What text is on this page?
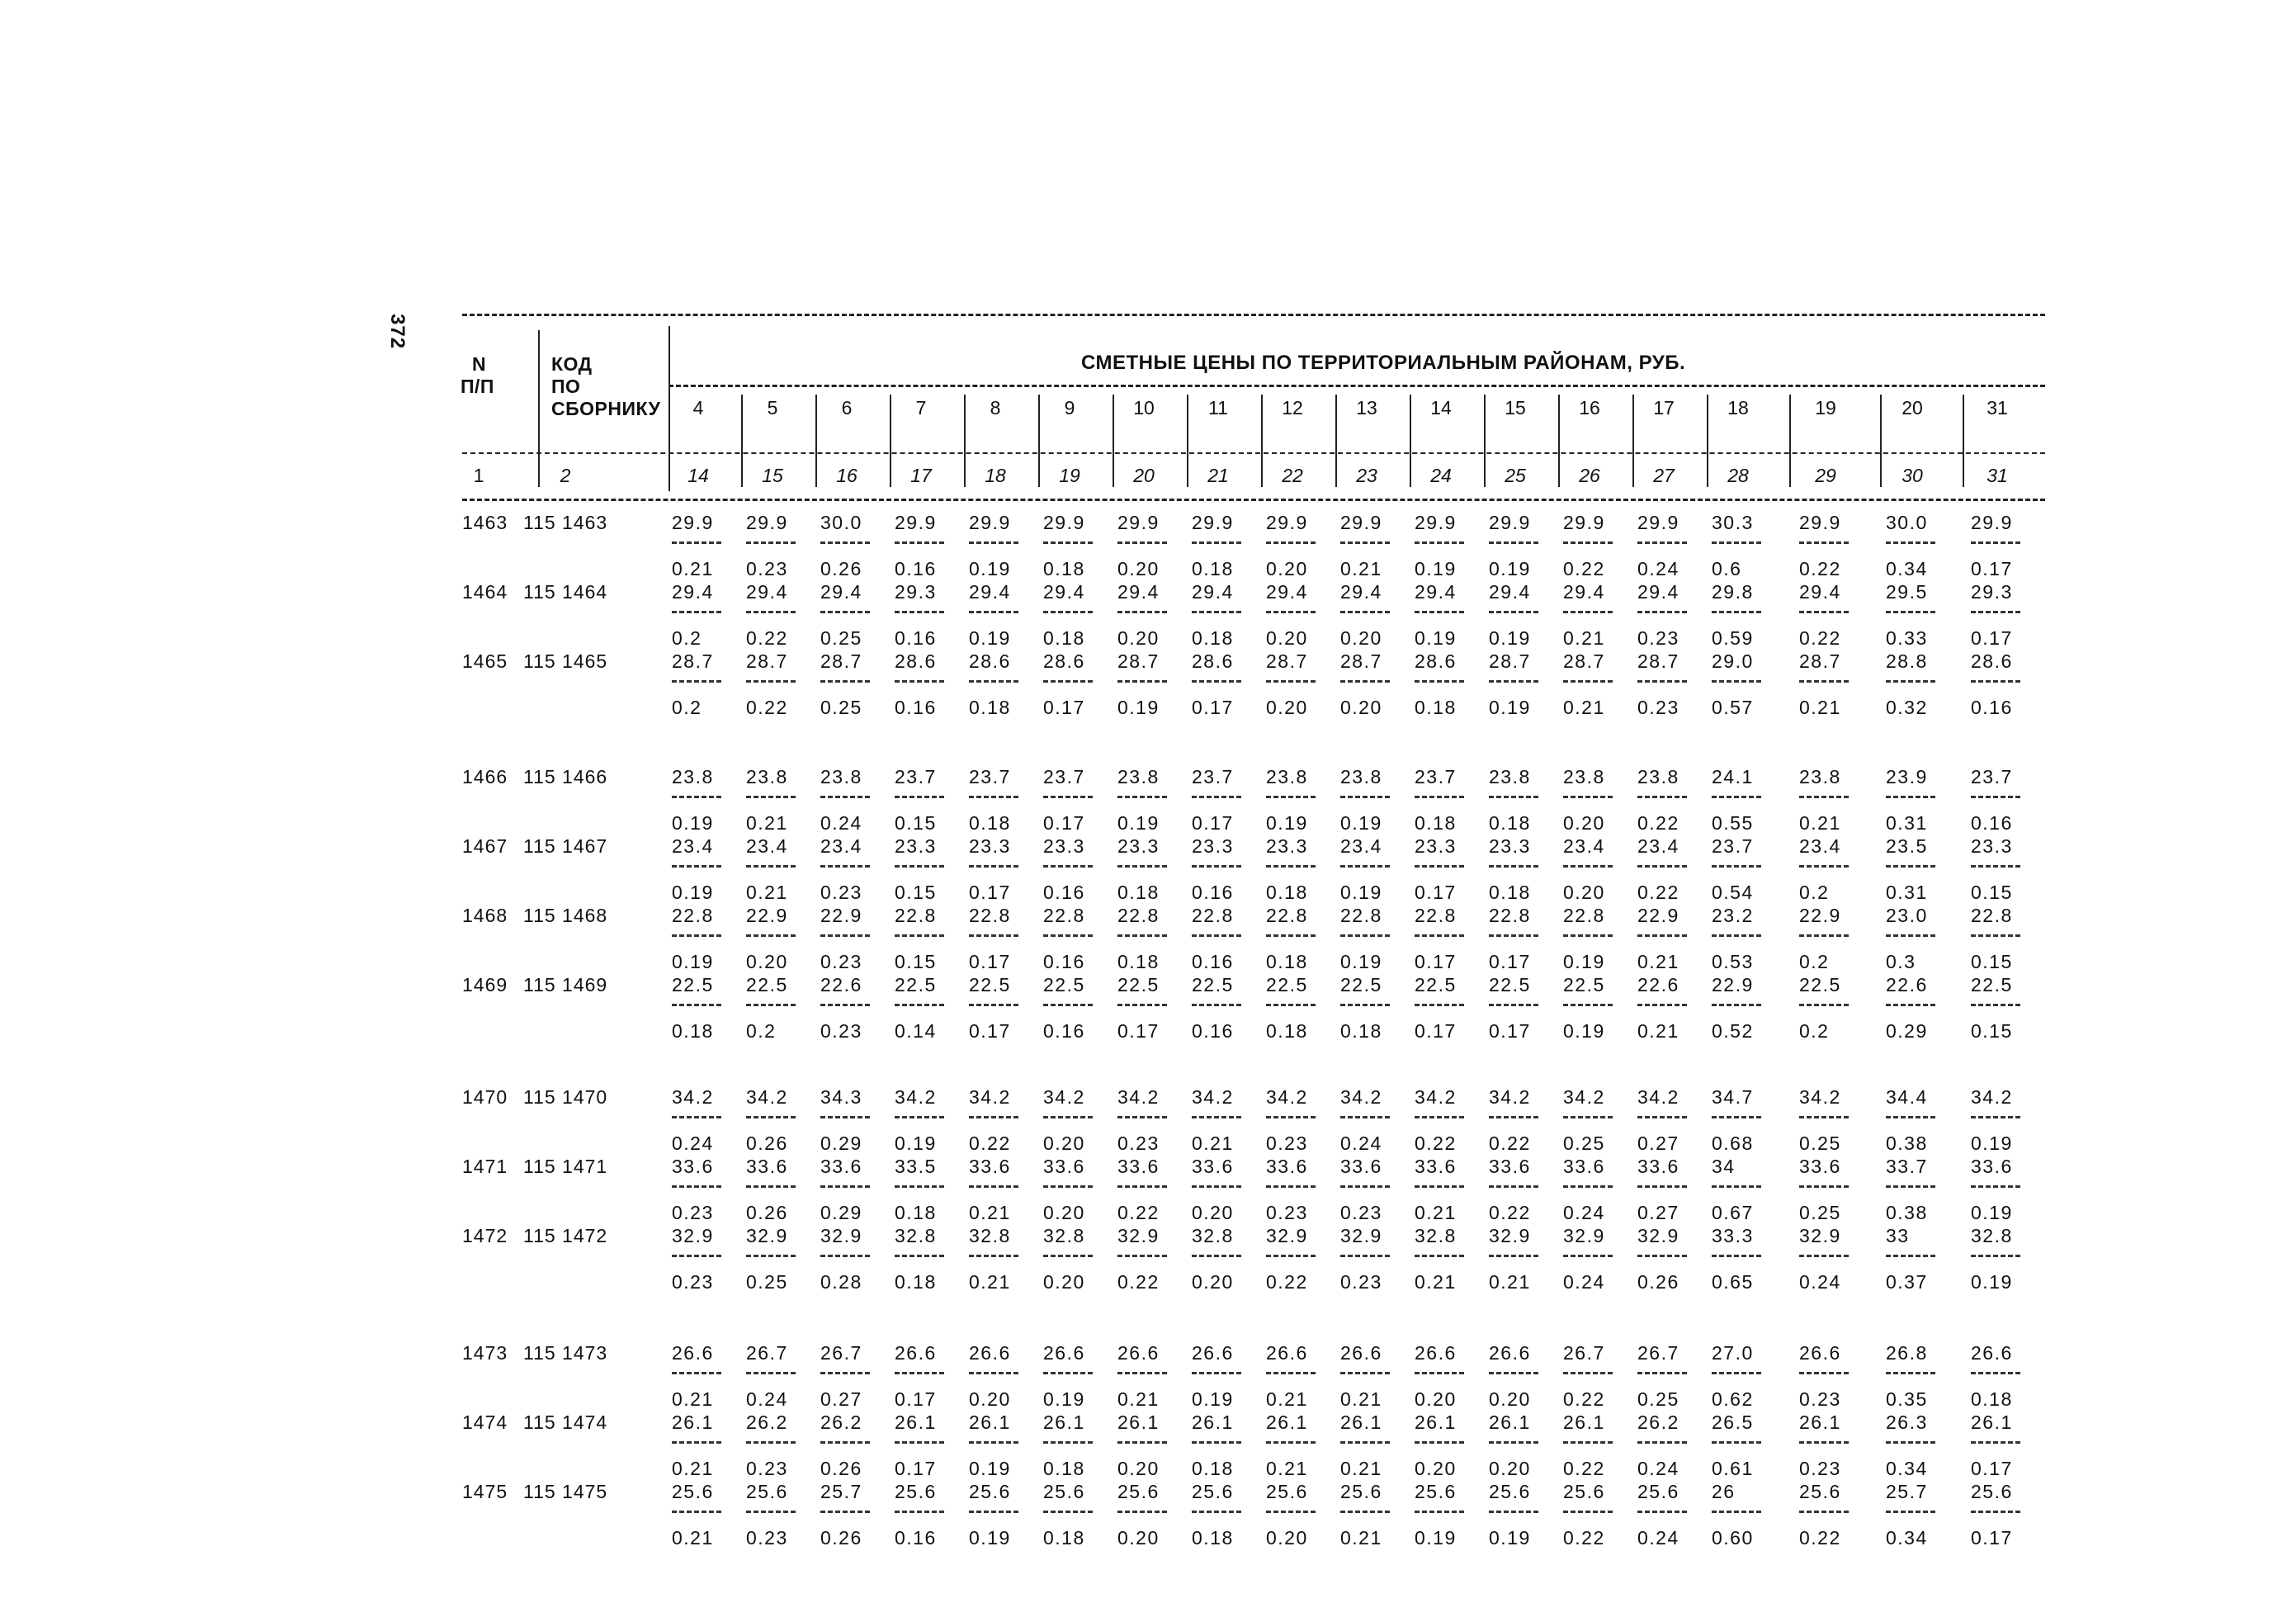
372
N
П/П
КОД
ПО
СБОРНИКУ
СМЕТНЫЕ ЦЕНЫ ПО ТЕРРИТОРИАЛЬНЫМ РАЙОНАМ, РУБ.
4	5	6	7	8	9	10	11	12	13	14	15	16	17	18	19	20	31
1	2	14	15	16	17	18	19	20	21	22	23	24	25	26	27	28	29	30	31
1463 115 1463	29.9 29.9 30.0 29.9 29.9 29.9 29.9 29.9 29.9 29.9 29.9 29.9 29.9 29.9 30.3 29.9 30.0 29.9
0.21 0.23 0.26 0.16 0.19 0.18 0.20 0.18 0.20 0.21 0.19 0.19 0.22 0.24 0.6	0.22 0.34 0.17
1464 115 1464	29.4 29.4 29.4 29.3 29.4 29.4 29.4 29.4 29.4 29.4 29.4 29.4 29.4 29.4 29.8 29.4 29.5 29.3
0.2 0.22 0.25 0.16 0.19 0.18 0.20 0.18 0.20 0.20 0.19 0.19 0.21 0.23 0.59 0.22 0.33 0.17
1465 115 1465	28.7 28.7 28.7 28.6 28.6 28.6 28.7 28.6 28.7 28.7 28.6 28.7 28.7 28.7 29.0 28.7 28.8 28.6
0.2 0.22 0.25 0.16 0.18 0.17 0.19 0.17 0.20 0.20 0.18 0.19 0.21 0.23 0.57 0.21 0.32 0.16
1466 115 1466	23.8 23.8 23.8 23.7 23.7 23.7 23.8 23.7 23.8 23.8 23.7 23.8 23.8 23.8 24.1 23.8 23.9 23.7
0.19 0.21 0.24 0.15 0.18 0.17 0.19 0.17 0.19 0.19 0.18 0.18 0.20 0.22 0.55 0.21 0.31 0.16
1467 115 1467	23.4 23.4 23.4 23.3 23.3 23.3 23.3 23.3 23.3 23.4 23.3 23.3 23.4 23.4 23.7 23.4 23.5 23.3
0.19 0.21 0.23 0.15 0.17 0.16 0.18 0.16 0.18 0.19 0.17 0.18 0.20 0.22 0.54 0.2	0.31 0.15
1468 115 1468	22.8 22.9 22.9 22.8 22.8 22.8 22.8 22.8 22.8 22.8 22.8 22.8 22.8 22.9 23.2 22.9 23.0 22.8
0.19 0.20 0.23 0.15 0.17 0.16 0.18 0.16 0.18 0.19 0.17 0.17 0.19 0.21 0.53 0.2	0.3	0.15
1469 115 1469	22.5 22.5 22.6 22.5 22.5 22.5 22.5 22.5 22.5 22.5 22.5 22.5 22.5 22.6 22.9 22.5 22.6 22.5
0.18 0.2 0.23 0.14 0.17 0.16 0.17 0.16 0.18 0.18 0.17 0.17 0.19 0.21 0.52 0.2	0.29 0.15
1470 115 1470	34.2 34.2 34.3 34.2 34.2 34.2 34.2 34.2 34.2 34.2 34.2 34.2 34.2 34.2 34.7 34.2 34.4 34.2
0.24 0.26 0.29 0.19 0.22 0.20 0.23 0.21 0.23 0.24 0.22 0.22 0.25 0.27 0.68 0.25 0.38 0.19
1471 115 1471	33.6 33.6 33.6 33.5 33.6 33.6 33.6 33.6 33.6 33.6 33.6 33.6 33.6 33.6 34	33.6 33.7 33.6
0.23 0.26 0.29 0.18 0.21 0.20 0.22 0.20 0.23 0.23 0.21 0.22 0.24 0.27 0.67 0.25 0.38 0.19
1472 115 1472	32.9 32.9 32.9 32.8 32.8 32.8 32.9 32.8 32.9 32.9 32.8 32.9 32.9 32.9 33.3 32.9 33	32.8
0.23 0.25 0.28 0.18 0.21 0.20 0.22 0.20 0.22 0.23 0.21 0.21 0.24 0.26 0.65 0.24 0.37 0.19
1473 115 1473	26.6 26.7 26.7 26.6 26.6 26.6 26.6 26.6 26.6 26.6 26.6 26.6 26.7 26.7 27.0 26.6 26.8 26.6
0.21 0.24 0.27 0.17 0.20 0.19 0.21 0.19 0.21 0.21 0.20 0.20 0.22 0.25 0.62 0.23 0.35 0.18
1474 115 1474	26.1 26.2 26.2 26.1 26.1 26.1 26.1 26.1 26.1 26.1 26.1 26.1 26.1 26.2 26.5 26.1 26.3 26.1
0.21 0.23 0.26 0.17 0.19 0.18 0.20 0.18 0.21 0.21 0.20 0.20 0.22 0.24 0.61 0.23 0.34 0.17
1475 115 1475	25.6 25.6 25.7 25.6 25.6 25.6 25.6 25.6 25.6 25.6 25.6 25.6 25.6 25.6 26	25.6 25.7 25.6
0.21 0.23 0.26 0.16 0.19 0.18 0.20 0.18 0.20 0.21 0.19 0.19 0.22 0.24 0.60 0.22 0.34 0.17
